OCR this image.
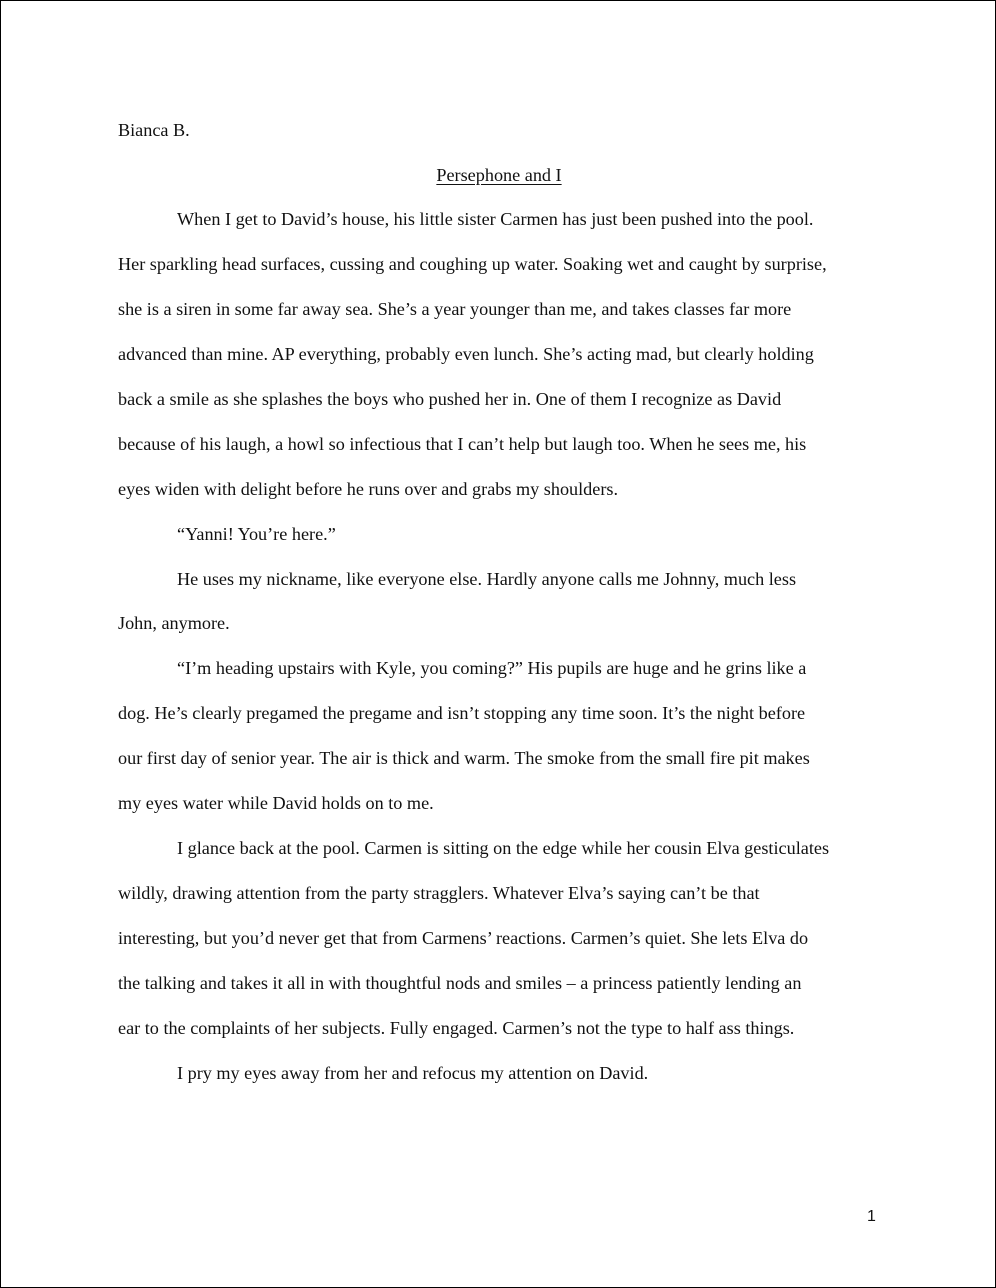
Bianca B.
Persephone and I
When I get to David’s house, his little sister Carmen has just been pushed into the pool.
Her sparkling head surfaces, cussing and coughing up water. Soaking wet and caught by surprise,
she is a siren in some far away sea. She’s a year younger than me, and takes classes far more
advanced than mine. AP everything, probably even lunch. She’s acting mad, but clearly holding
back a smile as she splashes the boys who pushed her in. One of them I recognize as David
because of his laugh, a howl so infectious that I can’t help but laugh too. When he sees me, his
eyes widen with delight before he runs over and grabs my shoulders.
“Yanni! You’re here.”
He uses my nickname, like everyone else. Hardly anyone calls me Johnny, much less
John, anymore.
“I’m heading upstairs with Kyle, you coming?” His pupils are huge and he grins like a
dog. He’s clearly pregamed the pregame and isn’t stopping any time soon. It’s the night before
our first day of senior year. The air is thick and warm. The smoke from the small fire pit makes
my eyes water while David holds on to me.
I glance back at the pool. Carmen is sitting on the edge while her cousin Elva gesticulates
wildly, drawing attention from the party stragglers. Whatever Elva’s saying can’t be that
interesting, but you’d never get that from Carmens’ reactions. Carmen’s quiet. She lets Elva do
the talking and takes it all in with thoughtful nods and smiles – a princess patiently lending an
ear to the complaints of her subjects. Fully engaged. Carmen’s not the type to half ass things.
I pry my eyes away from her and refocus my attention on David.
1
